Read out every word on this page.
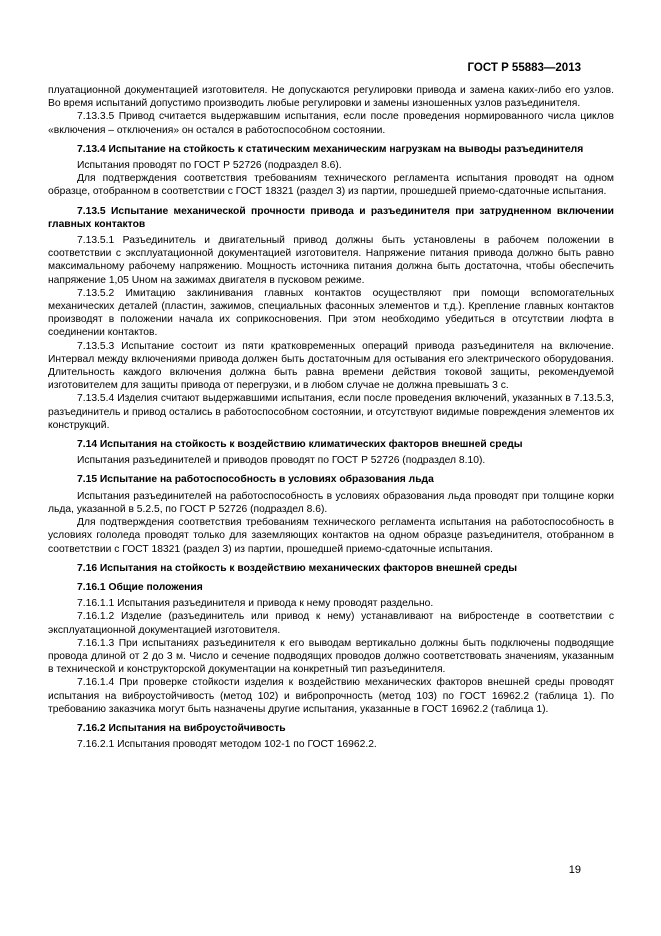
ГОСТ Р 55883—2013

плуатационной документацией изготовителя. Не допускаются регулировки привода и замена каких-либо его узлов. Во время испытаний допустимо производить любые регулировки и замены изношенных узлов разъединителя.

7.13.3.5 Привод считается выдержавшим испытания, если после проведения нормированного числа циклов «включения – отключения» он остался в работоспособном состоянии.

7.13.4 Испытание на стойкость к статическим механическим нагрузкам на выводы разъединителя

Испытания проводят по ГОСТ Р 52726 (подраздел 8.6).

Для подтверждения соответствия требованиям технического регламента испытания проводят на одном образце, отобранном в соответствии с ГОСТ 18321 (раздел 3) из партии, прошедшей приемо-сдаточные испытания.

7.13.5 Испытание механической прочности привода и разъединителя при затрудненном включении главных контактов

7.13.5.1 Разъединитель и двигательный привод должны быть установлены в рабочем положении в соответствии с эксплуатационной документацией изготовителя. Напряжение питания привода должно быть равно максимальному рабочему напряжению. Мощность источника питания должна быть достаточна, чтобы обеспечить напряжение 1,05 Uном на зажимах двигателя в пусковом режиме.

7.13.5.2 Имитацию заклинивания главных контактов осуществляют при помощи вспомогательных механических деталей (пластин, зажимов, специальных фасонных элементов и т.д.). Крепление главных контактов производят в положении начала их соприкосновения. При этом необходимо убедиться в отсутствии люфта в соединении контактов.

7.13.5.3 Испытание состоит из пяти кратковременных операций привода разъединителя на включение. Интервал между включениями привода должен быть достаточным для остывания его электрического оборудования. Длительность каждого включения должна быть равна времени действия токовой защиты, рекомендуемой изготовителем для защиты привода от перегрузки, и в любом случае не должна превышать 3 с.

7.13.5.4 Изделия считают выдержавшими испытания, если после проведения включений, указанных в 7.13.5.3, разъединитель и привод остались в работоспособном состоянии, и отсутствуют видимые повреждения элементов их конструкций.

7.14 Испытания на стойкость к воздействию климатических факторов внешней среды

Испытания разъединителей и приводов проводят по ГОСТ Р 52726 (подраздел 8.10).

7.15 Испытание на работоспособность в условиях образования льда

Испытания разъединителей на работоспособность в условиях образования льда проводят при толщине корки льда, указанной в 5.2.5, по ГОСТ Р 52726 (подраздел 8.6).

Для подтверждения соответствия требованиям технического регламента испытания на работоспособность в условиях гололеда проводят только для заземляющих контактов на одном образце разъединителя, отобранном в соответствии с ГОСТ 18321 (раздел 3) из партии, прошедшей приемо-сдаточные испытания.

7.16 Испытания на стойкость к воздействию механических факторов внешней среды
7.16.1 Общие положения

7.16.1.1 Испытания разъединителя и привода к нему проводят раздельно.

7.16.1.2 Изделие (разъединитель или привод к нему) устанавливают на вибростенде в соответствии с эксплуатационной документацией изготовителя.

7.16.1.3 При испытаниях разъединителя к его выводам вертикально должны быть подключены подводящие провода длиной от 2 до 3 м. Число и сечение подводящих проводов должно соответствовать значениям, указанным в технической и конструкторской документации на конкретный тип разъединителя.

7.16.1.4 При проверке стойкости изделия к воздействию механических факторов внешней среды проводят испытания на виброустойчивость (метод 102) и вибропрочность (метод 103) по ГОСТ 16962.2 (таблица 1). По требованию заказчика могут быть назначены другие испытания, указанные в ГОСТ 16962.2 (таблица 1).

7.16.2 Испытания на виброустойчивость

7.16.2.1 Испытания проводят методом 102-1 по ГОСТ 16962.2.

19
